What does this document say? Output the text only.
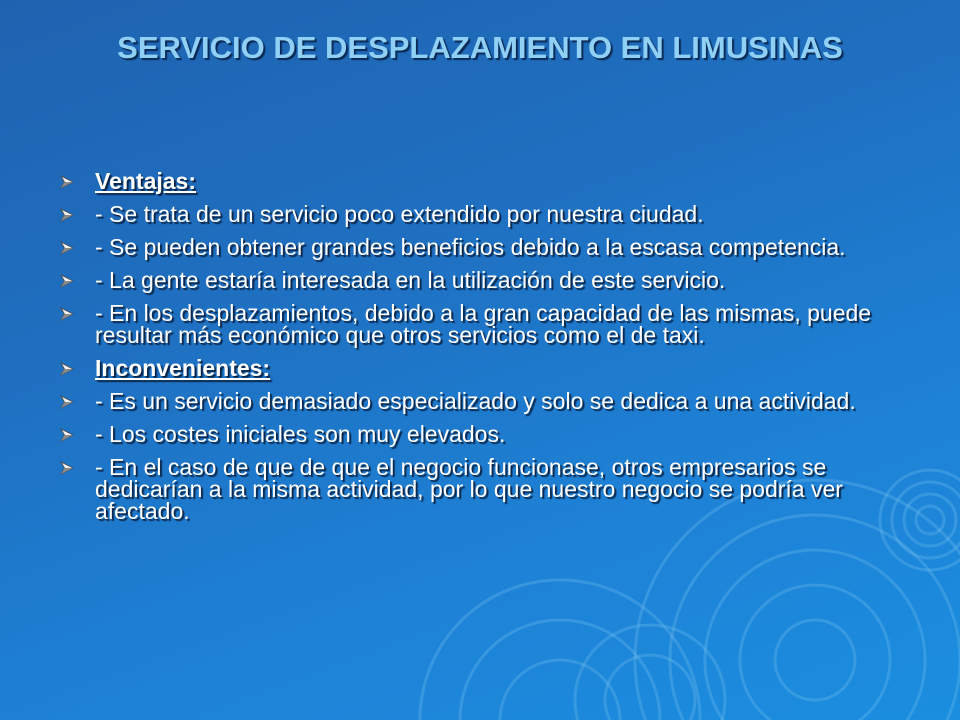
SERVICIO DE DESPLAZAMIENTO EN LIMUSINAS
Ventajas:
- Se trata de un servicio poco extendido por nuestra ciudad.
- Se pueden obtener grandes beneficios debido a la escasa competencia.
- La gente estaría interesada en la utilización de este servicio.
- En los desplazamientos, debido a la gran capacidad de las mismas, puede resultar más económico que otros servicios como el de taxi.
Inconvenientes:
- Es un servicio demasiado especializado y solo se dedica a una actividad.
- Los costes iniciales son muy elevados.
- En el caso de que de que el negocio funcionase, otros empresarios se dedicarían a la misma actividad, por lo que nuestro negocio se podría ver afectado.
